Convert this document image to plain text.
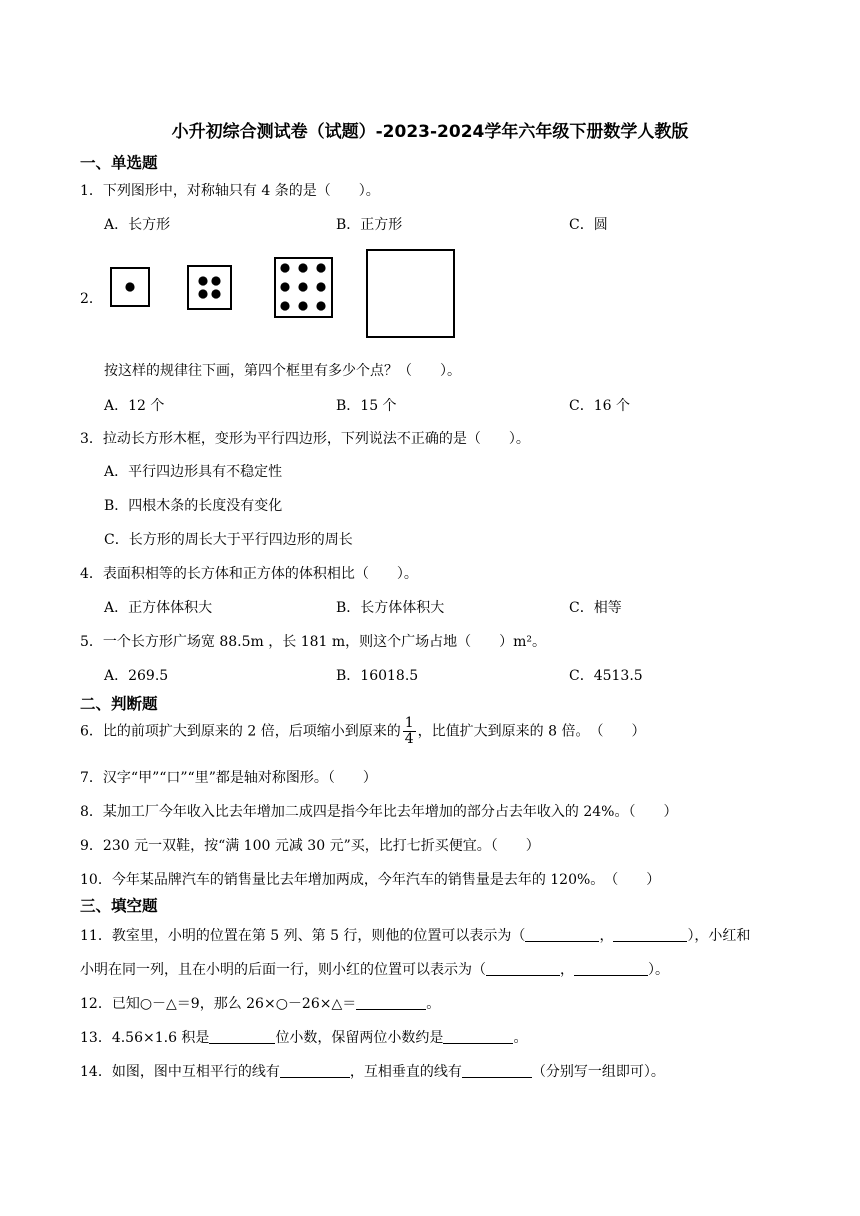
小升初综合测试卷（试题）-2023-2024学年六年级下册数学人教版
一、单选题
1．下列图形中，对称轴只有 4 条的是（　　）。
A．长方形	B．正方形	C．圆
2．
按这样的规律往下画，第四个框里有多少个点？（　　）。
A．12 个	B．15 个	C．16 个
3．拉动长方形木框，变形为平行四边形，下列说法不正确的是（　　）。
A．平行四边形具有不稳定性
B．四根木条的长度没有变化
C．长方形的周长大于平行四边形的周长
4．表面积相等的长方体和正方体的体积相比（　　）。
A．正方体体积大	B．长方体体积大	C．相等
5．一个长方形广场宽 88.5m ，长 181 m，则这个广场占地（　　）m²。
A．269.5	B．16018.5	C．4513.5
二、判断题
6．比的前项扩大到原来的 2 倍，后项缩小到原来的 $\frac{1}{4}$ ，比值扩大到原来的 8 倍。　（　　）
7．汉字“甲”“口”“里”都是轴对称图形。（　　）
8．某加工厂今年收入比去年增加二成四是指今年比去年增加的部分占去年收入的 24%。（　　）
9．230 元一双鞋，按“满 100 元减 30 元”买，比打七折买便宜。（　　）
10．今年某品牌汽车的销售量比去年增加两成，今年汽车的销售量是去年的 120%。　（　　）
三、填空题
11．教室里，小明的位置在第 5 列、第 5 行，则他的位置可以表示为（	，	），小红和
小明在同一列，且在小明的后面一行，则小红的位置可以表示为（	，	）。
12．已知○－△＝9，那么 26×○－26×△＝	。
13．4.56×1.6 积是	位小数，保留两位小数约是	。
14．如图，图中互相平行的线有	，互相垂直的线有	（分别写一组即可）。
